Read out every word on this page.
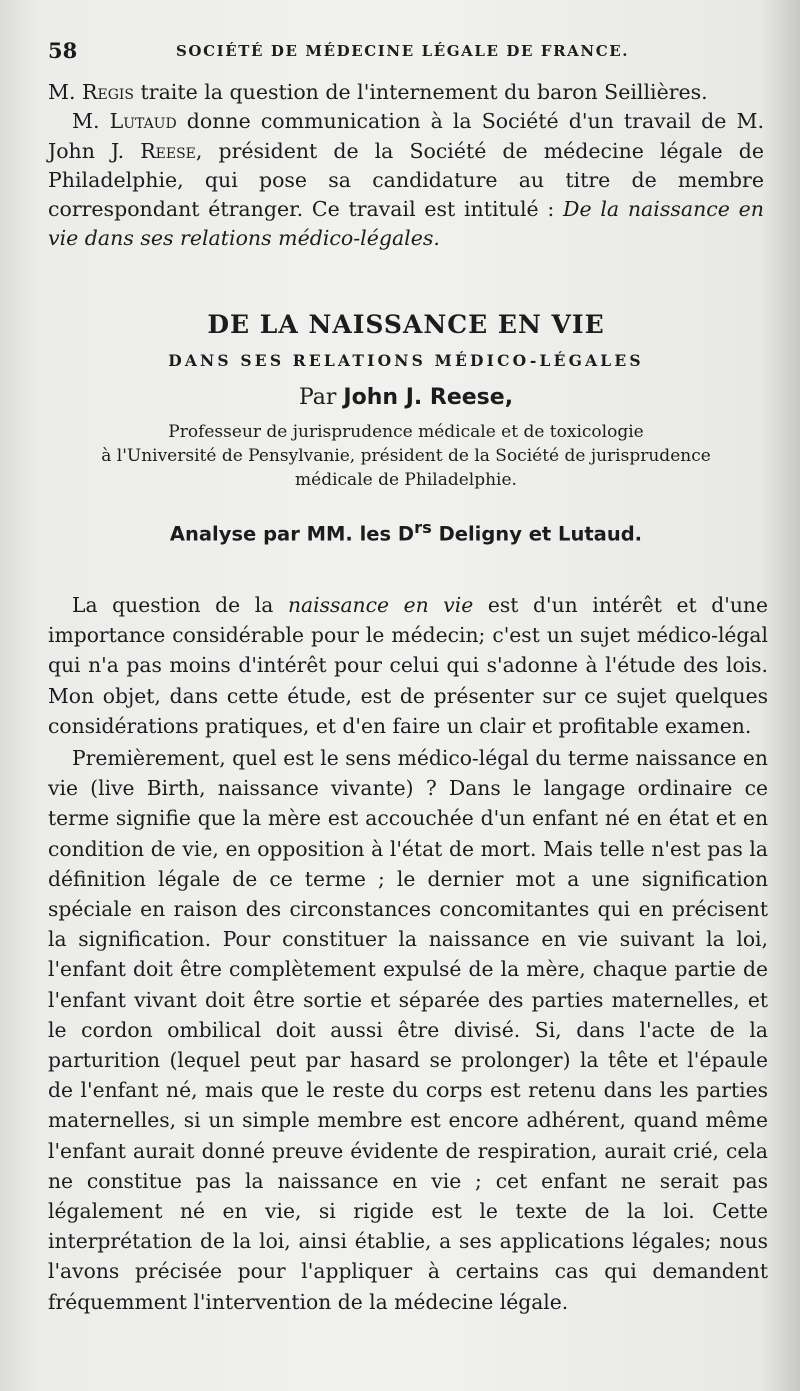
58	SOCIÉTÉ DE MÉDECINE LÉGALE DE FRANCE.

M. Regis traite la question de l'internement du baron Seillières.

M. Lutaud donne communication à la Société d'un travail de M. John J. Reese, président de la Société de médecine légale de Philadelphie, qui pose sa candidature au titre de membre correspondant étranger. Ce travail est intitulé : De la naissance en vie dans ses relations médico-légales.

DE LA NAISSANCE EN VIE
DANS SES RELATIONS MÉDICO-LÉGALES

Par John J. Reese,

Professeur de jurisprudence médicale et de toxicologie
à l'Université de Pensylvanie, président de la Société de jurisprudence
médicale de Philadelphie.

Analyse par MM. les $D^{rs}$ Deligny et Lutaud.

La question de la naissance en vie est d'un intérêt et d'une importance considérable pour le médecin; c'est un sujet médico-légal qui n'a pas moins d'intérêt pour celui qui s'adonne à l'étude des lois. Mon objet, dans cette étude, est de présenter sur ce sujet quelques considérations pratiques, et d'en faire un clair et profitable examen.

Premièrement, quel est le sens médico-légal du terme naissance en vie (live Birth, naissance vivante) ? Dans le langage ordinaire ce terme signifie que la mère est accouchée d'un enfant né en état et en condition de vie, en opposition à l'état de mort. Mais telle n'est pas la définition légale de ce terme ; le dernier mot a une signification spéciale en raison des circonstances concomitantes qui en précisent la signification. Pour constituer la naissance en vie suivant la loi, l'enfant doit être complètement expulsé de la mère, chaque partie de l'enfant vivant doit être sortie et séparée des parties maternelles, et le cordon ombilical doit aussi être divisé. Si, dans l'acte de la parturition (lequel peut par hasard se prolonger) la tête et l'épaule de l'enfant né, mais que le reste du corps est retenu dans les parties maternelles, si un simple membre est encore adhérent, quand même l'enfant aurait donné preuve évidente de respiration, aurait crié, cela ne constitue pas la naissance en vie ; cet enfant ne serait pas légalement né en vie, si rigide est le texte de la loi. Cette interprétation de la loi, ainsi établie, a ses applications légales; nous l'avons précisée pour l'appliquer à certains cas qui demandent fréquemment l'intervention de la médecine légale.
